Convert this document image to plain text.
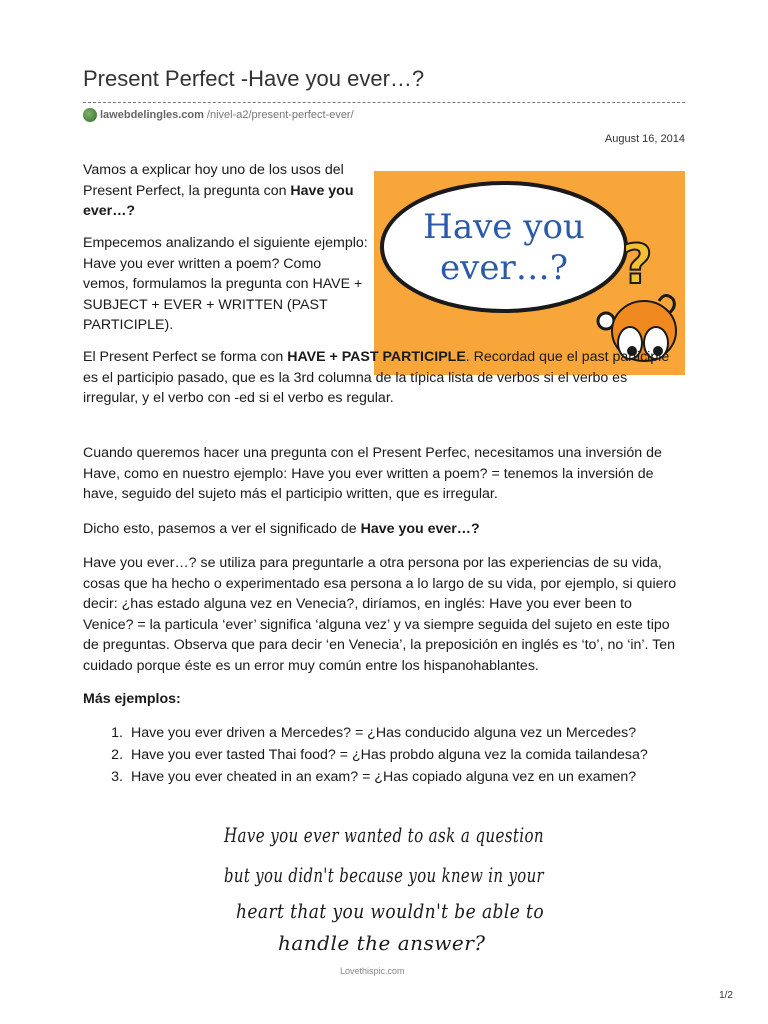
Present Perfect -Have you ever…?
lawebdelingles.com /nivel-a2/present-perfect-ever/
August 16, 2014

Vamos a explicar hoy uno de los usos del Present Perfect, la pregunta con Have you ever…?

Empecemos analizando el siguiente ejemplo: Have you ever written a poem? Como vemos, formulamos la pregunta con HAVE + SUBJECT + EVER + WRITTEN (PAST PARTICIPLE).

Have you
ever…? ?
El Present Perfect se forma con HAVE + PAST PARTICIPLE. Recordad que el past participle es el participio pasado, que es la 3rd columna de la típica lista de verbos si el verbo es irregular, y el verbo con -ed si el verbo es regular.

Cuando queremos hacer una pregunta con el Present Perfec, necesitamos una inversión de Have, como en nuestro ejemplo: Have you ever written a poem? = tenemos la inversión de have, seguido del sujeto más el participio written, que es irregular.

Dicho esto, pasemos a ver el significado de Have you ever…?

Have you ever…? se utiliza para preguntarle a otra persona por las experiencias de su vida, cosas que ha hecho o experimentado esa persona a lo largo de su vida, por ejemplo, si quiero decir: ¿has estado alguna vez en Venecia?, diríamos, en inglés: Have you ever been to Venice? = la particula ‘ever’ significa ‘alguna vez’ y va siempre seguida del sujeto en este tipo de preguntas. Observa que para decir ‘en Venecia’, la preposición en inglés es ‘to’, no ‘in’. Ten cuidado porque éste es un error muy común entre los hispanohablantes.

Más ejemplos:

1. Have you ever driven a Mercedes? = ¿Has conducido alguna vez un Mercedes?
2. Have you ever tasted Thai food? = ¿Has probdo alguna vez la comida tailandesa?
3. Have you ever cheated in an exam? = ¿Has copiado alguna vez en un examen?
Have you ever wanted to ask a question
but you didn't because you knew in your
heart that you wouldn't be able to
handle the answer?
Lovethispic.com
1/2
